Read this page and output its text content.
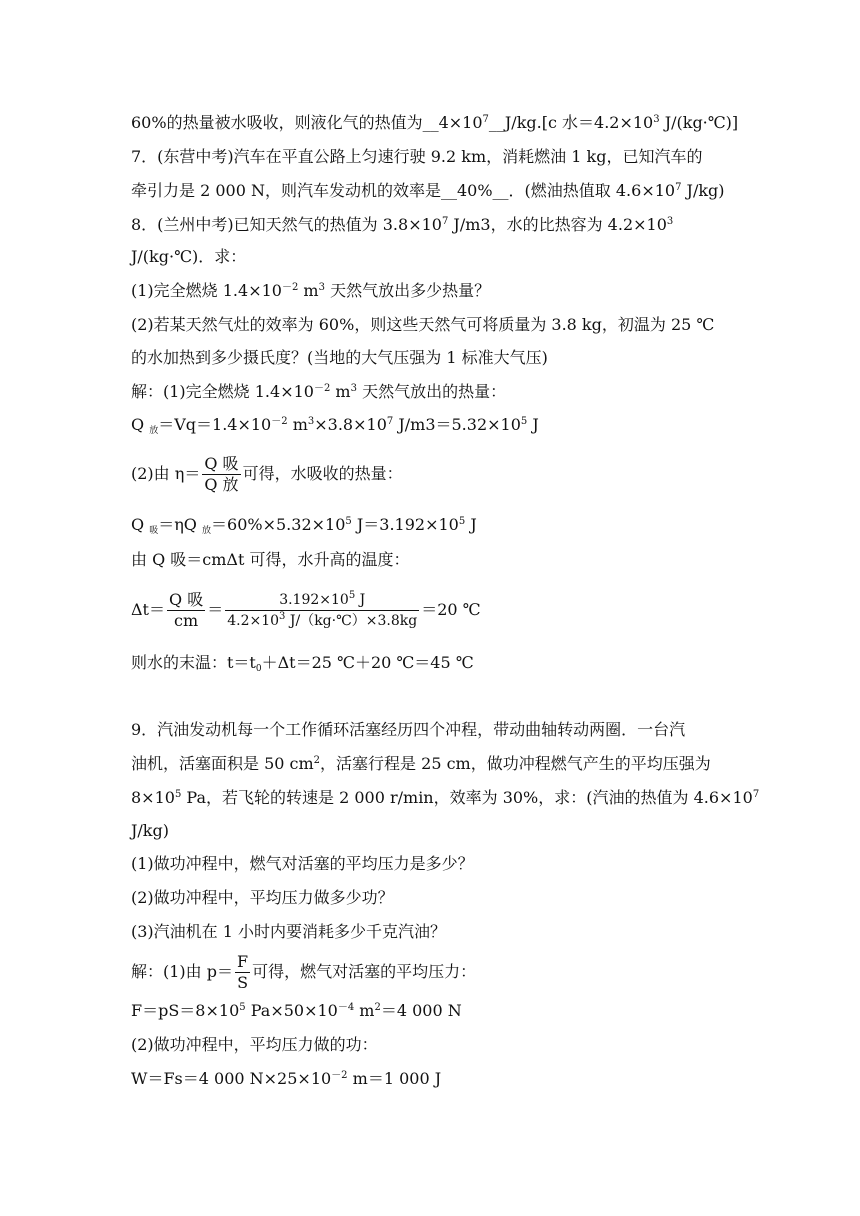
60%的热量被水吸收，则液化气的热值为$\_\_4\times 10^7\_\_J/kg.[c$ 水$=4.2\times 10^3$ J/(kg·℃)]
7．(东营中考)汽车在平直公路上匀速行驶 9.2 km，消耗燃油 1 kg，已知汽车的
牵引力是 2 000 N，则汽车发动机的效率是__40%__．(燃油热值取 $4.6\times 10^7$ J/kg)
8．(兰州中考)已知天然气的热值为 $3.8\times 10^7$ J/m3，水的比热容为 $4.2\times 10^3$
J/(kg·℃)．求：
(1)完全燃烧 $1.4\times 10^{-2}$ $m^3$ 天然气放出多少热量？
(2)若某天然气灶的效率为 60%，则这些天然气可将质量为 3.8 kg，初温为 25 ℃
的水加热到多少摄氏度？(当地的大气压强为 1 标准大气压)
解：(1)完全燃烧 $1.4\times 10^{-2}$ $m^3$ 天然气放出的热量：
Q $_放=Vq=1.4\times 10^{-2}$ $m^3\times 3.8\times 10^7$ $J/m3=5.32\times 10^5$ J
(2)由 $\eta= \frac{\text{Q 吸}}{\text{Q 放}}$ 可得，水吸收的热量：
Q $_吸$＝ηQ $_放=60\%\times 5.32\times 10^5$ $J=3.192\times 10^5$ J
由 Q 吸＝cmΔt 可得，水升高的温度：
$\Delta t= \frac{\text{Q 吸}}{cm} = \frac{3.192\times 10^5 J}{4.2\times 10^3 J/(kg\cdot℃)\times 3.8kg} =20$ ℃
则水的末温：$t=t_0+\Delta t=25$ ℃＋20 ℃＝45 ℃
9．汽油发动机每一个工作循环活塞经历四个冲程，带动曲轴转动两圈．一台汽
油机，活塞面积是 50 $cm^2$，活塞行程是 25 cm，做功冲程燃气产生的平均压强为
$8\times 10^5$ Pa，若飞轮的转速是 2 000 r/min，效率为 30%，求：(汽油的热值为 $4.6\times 10^7$
J/kg)
(1)做功冲程中，燃气对活塞的平均压力是多少？
(2)做功冲程中，平均压力做多少功？
(3)汽油机在 1 小时内要消耗多少千克汽油？
解：(1)由 $p= \frac{F}{S}$ 可得，燃气对活塞的平均压力：
$F=pS=8\times 10^5$ $Pa\times 50\times 10^{-4}$ $m^2=4$ 000 N
(2)做功冲程中，平均压力做的功：
W＝Fs＝4 000 $N\times 25\times 10^{-2}$ m＝1 000 J
